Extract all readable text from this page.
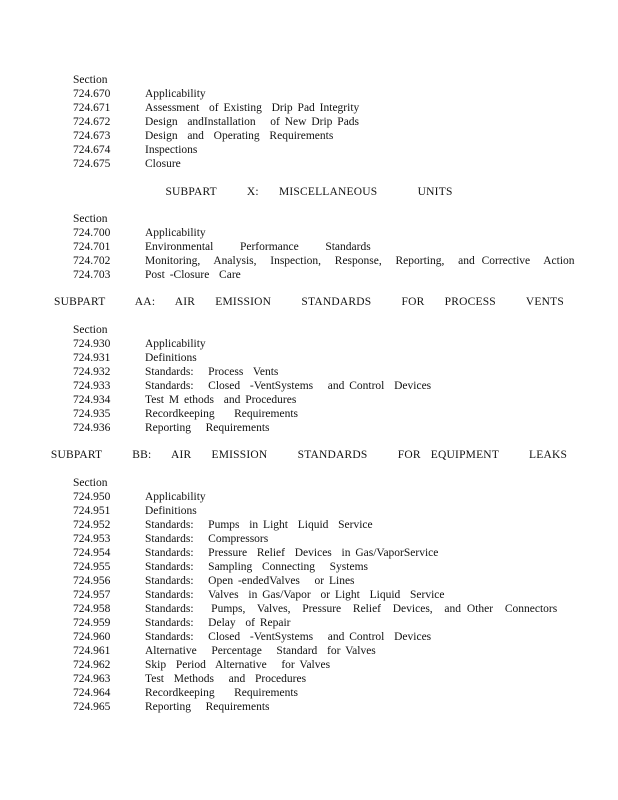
Section
724.670	Applicability
724.671	Assessment  of Existing  Drip Pad Integrity
724.672	Design  andInstallation   of New Drip Pads
724.673	Design  and  Operating  Requirements
724.674	Inspections
724.675	Closure
SUBPART   X:  MISCELLANEOUS    UNITS
Section
724.700	Applicability
724.701	Environmental   Performance   Standards
724.702	Monitoring,  Analysis,  Inspection,  Response,  Reporting,  and Corrective  Action
724.703	Post -Closure  Care
SUBPART   AA:  AIR  EMISSION   STANDARDS   FOR  PROCESS   VENTS
Section
724.930	Applicability
724.931	Definitions
724.932	Standards:   Process  Vents
724.933	Standards:   Closed  -VentSystems   and Control  Devices
724.934	Test M ethods  and Procedures
724.935	Recordkeeping    Requirements
724.936	Reporting   Requirements
SUBPART   BB:  AIR  EMISSION   STANDARDS   FOR EQUIPMENT   LEAKS
Section
724.950	Applicability
724.951	Definitions
724.952	Standards:   Pumps  in Light  Liquid  Service
724.953	Standards:   Compressors
724.954	Standards:   Pressure  Relief  Devices  in Gas/VaporService
724.955	Standards:   Sampling  Connecting   Systems
724.956	Standards:   Open -endedValves   or Lines
724.957	Standards:   Valves  in Gas/Vapor  or Light  Liquid  Service
724.958	Standards:   Pumps,  Valves,  Pressure  Relief  Devices,  and Other  Connectors
724.959	Standards:   Delay  of Repair
724.960	Standards:   Closed  -VentSystems   and Control  Devices
724.961	Alternative   Percentage   Standard  for Valves
724.962	Skip  Period  Alternative   for Valves
724.963	Test  Methods   and  Procedures
724.964	Recordkeeping    Requirements
724.965	Reporting   Requirements
